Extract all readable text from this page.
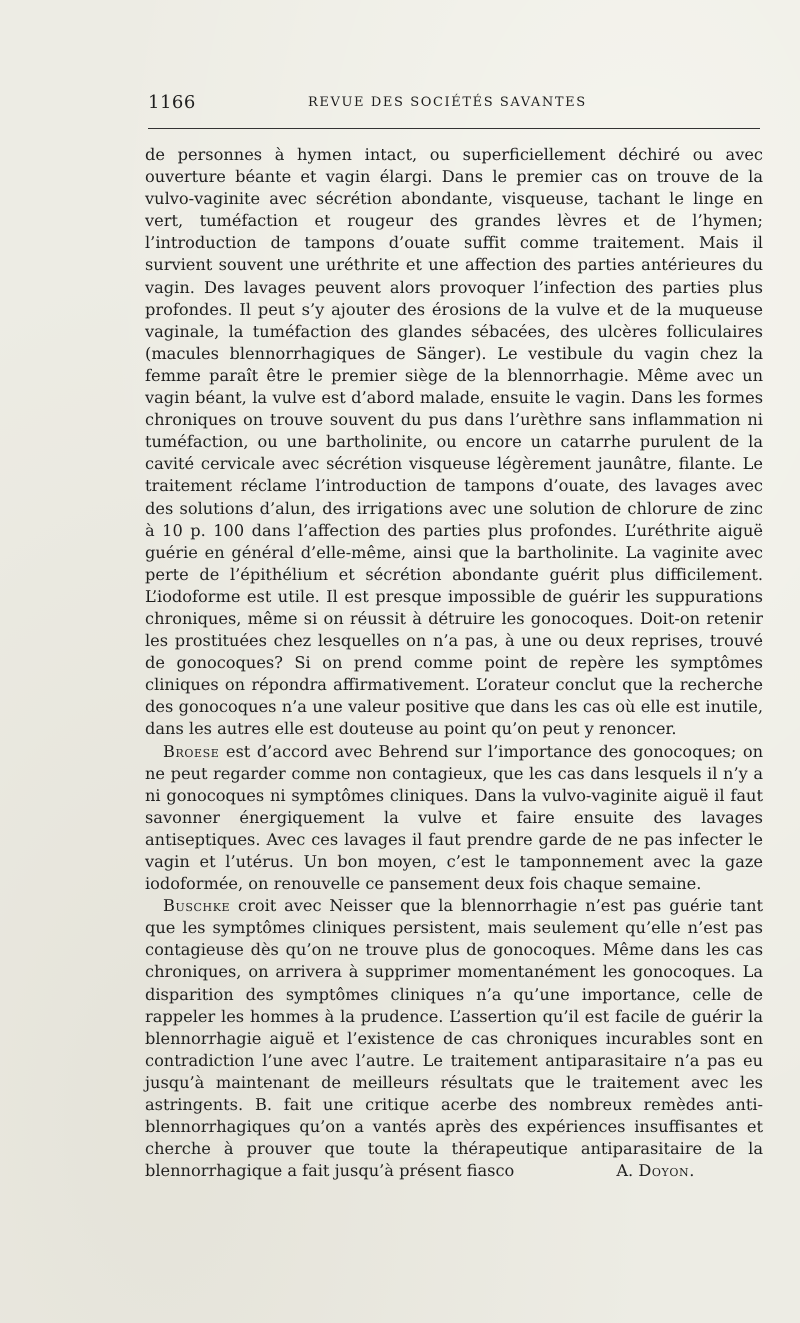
1166	REVUE DES SOCIÉTÉS SAVANTES

de personnes à hymen intact, ou superficiellement déchiré ou avec ouverture béante et vagin élargi. Dans le premier cas on trouve de la vulvo-vaginite avec sécrétion abondante, visqueuse, tachant le linge en vert, tuméfaction et rougeur des grandes lèvres et de l’hymen; l’introduction de tampons d’ouate suffit comme traitement. Mais il survient souvent une uréthrite et une affection des parties antérieures du vagin. Des lavages peuvent alors provoquer l’infection des parties plus profondes. Il peut s’y ajouter des érosions de la vulve et de la muqueuse vaginale, la tuméfaction des glandes sébacées, des ulcères folliculaires (macules blennorrhagiques de Sänger). Le vestibule du vagin chez la femme paraît être le premier siège de la blennorrhagie. Même avec un vagin béant, la vulve est d’abord malade, ensuite le vagin. Dans les formes chroniques on trouve souvent du pus dans l’urèthre sans inflammation ni tuméfaction, ou une bartholinite, ou encore un catarrhe purulent de la cavité cervicale avec sécrétion visqueuse légèrement jaunâtre, filante. Le traitement réclame l’introduction de tampons d’ouate, des lavages avec des solutions d’alun, des irrigations avec une solution de chlorure de zinc à 10 p. 100 dans l’affection des parties plus profondes. L’uréthrite aiguë guérie en général d’elle-même, ainsi que la bartholinite. La vaginite avec perte de l’épithélium et sécrétion abondante guérit plus difficilement. L’iodoforme est utile. Il est presque impossible de guérir les suppurations chroniques, même si on réussit à détruire les gonocoques. Doit-on retenir les prostituées chez lesquelles on n’a pas, à une ou deux reprises, trouvé de gonocoques? Si on prend comme point de repère les symptômes cliniques on répondra affirmativement. L’orateur conclut que la recherche des gonocoques n’a une valeur positive que dans les cas où elle est inutile, dans les autres elle est douteuse au point qu’on peut y renoncer.

Broese est d’accord avec Behrend sur l’importance des gonocoques; on ne peut regarder comme non contagieux, que les cas dans lesquels il n’y a ni gonocoques ni symptômes cliniques. Dans la vulvo-vaginite aiguë il faut savonner énergiquement la vulve et faire ensuite des lavages antiseptiques. Avec ces lavages il faut prendre garde de ne pas infecter le vagin et l’utérus. Un bon moyen, c’est le tamponnement avec la gaze iodoformée, on renouvelle ce pansement deux fois chaque semaine.

Buschke croit avec Neisser que la blennorrhagie n’est pas guérie tant que les symptômes cliniques persistent, mais seulement qu’elle n’est pas contagieuse dès qu’on ne trouve plus de gonocoques. Même dans les cas chroniques, on arrivera à supprimer momentanément les gonocoques. La disparition des symptômes cliniques n’a qu’une importance, celle de rappeler les hommes à la prudence. L’assertion qu’il est facile de guérir la blennorrhagie aiguë et l’existence de cas chroniques incurables sont en contradiction l’une avec l’autre. Le traitement antiparasitaire n’a pas eu jusqu’à maintenant de meilleurs résultats que le traitement avec les astringents. B. fait une critique acerbe des nombreux remèdes anti-blennorrhagiques qu’on a vantés après des expériences insuffisantes et cherche à prouver que toute la thérapeutique antiparasitaire de la blennorrhagique a fait jusqu’à présent fiasco	A. Doyon.
